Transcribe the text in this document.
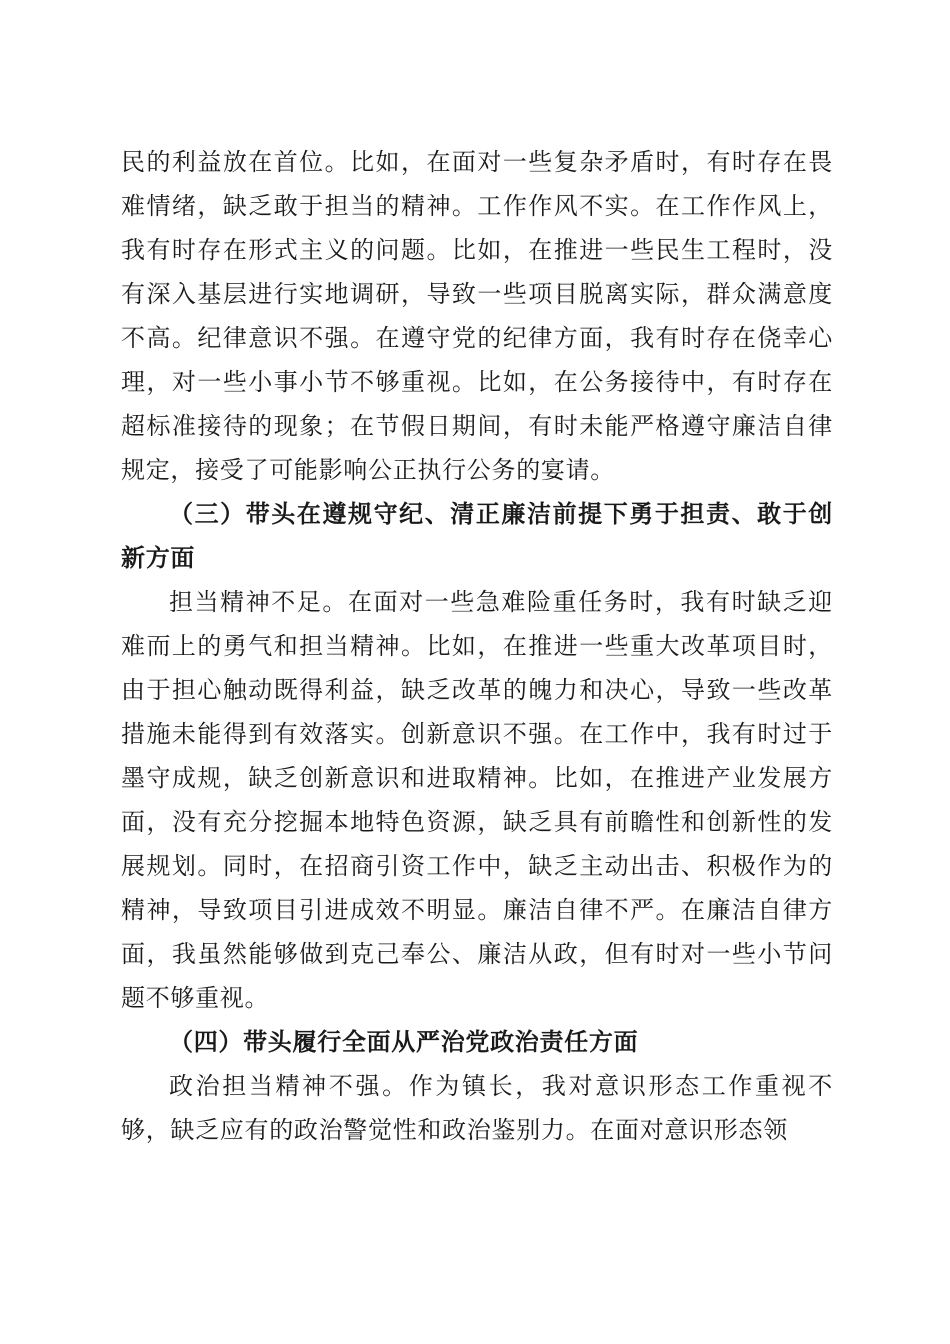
民的利益放在首位。比如，在面对一些复杂矛盾时，有时存在畏难情绪，缺乏敢于担当的精神。工作作风不实。在工作作风上，我有时存在形式主义的问题。比如，在推进一些民生工程时，没有深入基层进行实地调研，导致一些项目脱离实际，群众满意度不高。纪律意识不强。在遵守党的纪律方面，我有时存在侥幸心理，对一些小事小节不够重视。比如，在公务接待中，有时存在超标准接待的现象；在节假日期间，有时未能严格遵守廉洁自律规定，接受了可能影响公正执行公务的宴请。

（三）带头在遵规守纪、清正廉洁前提下勇于担责、敢于创新方面

担当精神不足。在面对一些急难险重任务时，我有时缺乏迎难而上的勇气和担当精神。比如，在推进一些重大改革项目时，由于担心触动既得利益，缺乏改革的魄力和决心，导致一些改革措施未能得到有效落实。创新意识不强。在工作中，我有时过于墨守成规，缺乏创新意识和进取精神。比如，在推进产业发展方面，没有充分挖掘本地特色资源，缺乏具有前瞻性和创新性的发展规划。同时，在招商引资工作中，缺乏主动出击、积极作为的精神，导致项目引进成效不明显。廉洁自律不严。在廉洁自律方面，我虽然能够做到克己奉公、廉洁从政，但有时对一些小节问题不够重视。

（四）带头履行全面从严治党政治责任方面

政治担当精神不强。作为镇长，我对意识形态工作重视不够，缺乏应有的政治警觉性和政治鉴别力。在面对意识形态领
